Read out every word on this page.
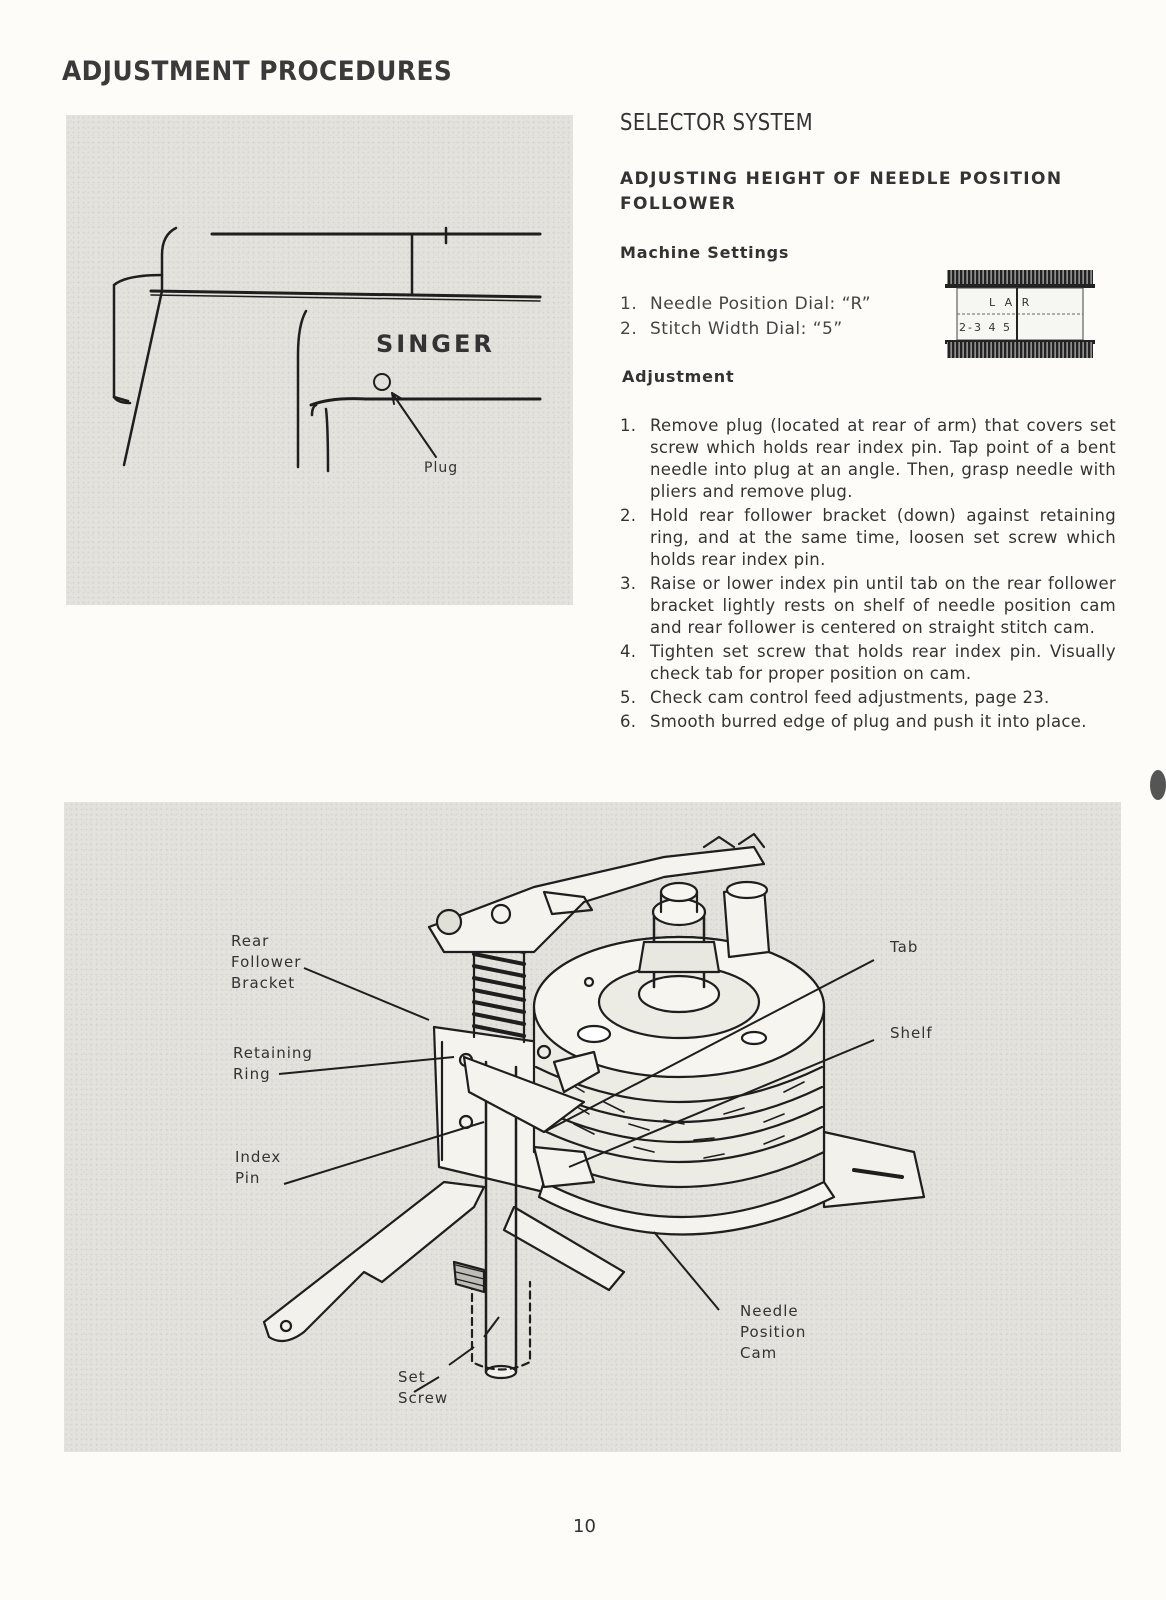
ADJUSTMENT PROCEDURES
SINGER
Plug
SELECTOR SYSTEM
ADJUSTING HEIGHT OF NEEDLE POSITION FOLLOWER
Machine Settings
1. Needle Position Dial: “R”
2. Stitch Width Dial: “5”
L A R
2-3 4 5
Adjustment
1. Remove plug (located at rear of arm) that covers set screw which holds rear index pin. Tap point of a bent needle into plug at an angle. Then, grasp needle with pliers and remove plug.
2. Hold rear follower bracket (down) against retaining ring, and at the same time, loosen set screw which holds rear index pin.
3. Raise or lower index pin until tab on the rear follower bracket lightly rests on shelf of needle position cam and rear follower is centered on straight stitch cam.
4. Tighten set screw that holds rear index pin. Visually check tab for proper position on cam.
5. Check cam control feed adjustments, page 23.
6. Smooth burred edge of plug and push it into place.
Rear Follower Bracket
Retaining Ring
Index Pin
Set Screw
Tab
Shelf
Needle Position Cam
10
